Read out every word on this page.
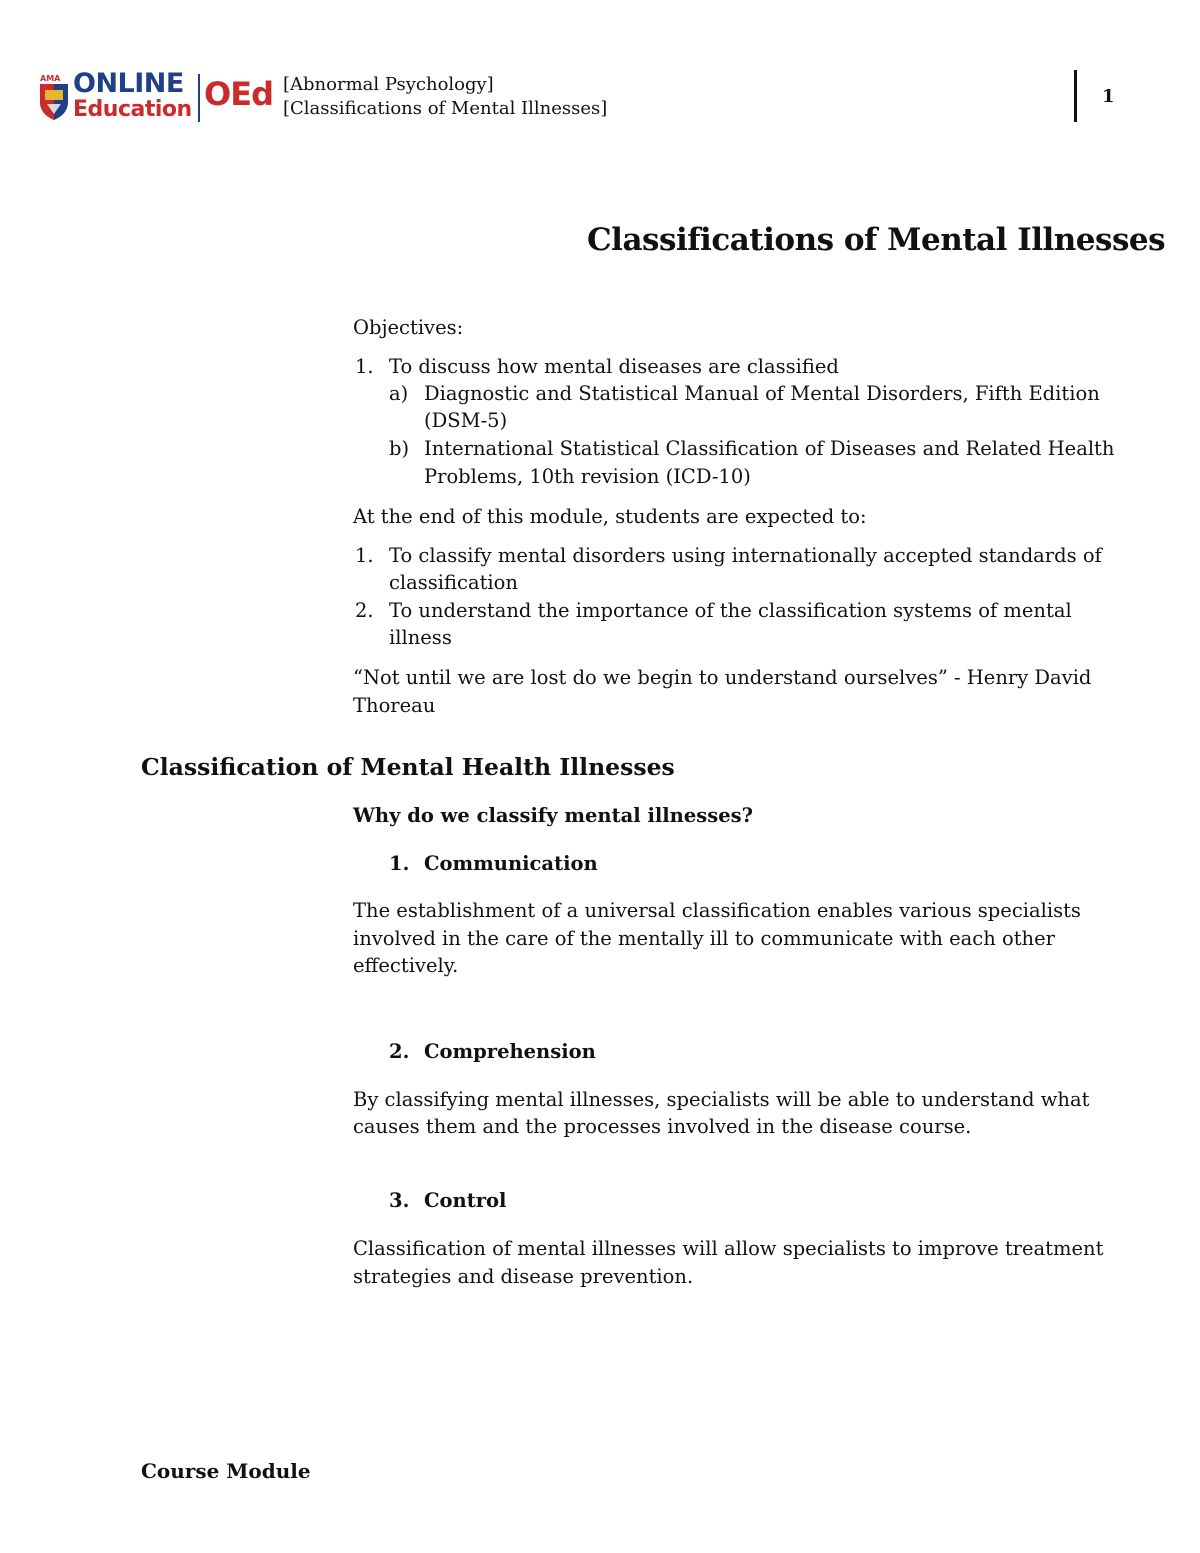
AMA ONLINE
Education OEd [Abnormal Psychology]
[Classifications of Mental Illnesses]
1
Classifications of Mental Illnesses
Objectives:
1. To discuss how mental diseases are classified
a) Diagnostic and Statistical Manual of Mental Disorders, Fifth Edition
(DSM-5)
b) International Statistical Classification of Diseases and Related Health
Problems, 10th revision (ICD-10)
At the end of this module, students are expected to:
1. To classify mental disorders using internationally accepted standards of
classification
2. To understand the importance of the classification systems of mental
illness
“Not until we are lost do we begin to understand ourselves” - Henry David
Thoreau
Classification of Mental Health Illnesses
Why do we classify mental illnesses?
1. Communication
The establishment of a universal classification enables various specialists
involved in the care of the mentally ill to communicate with each other
effectively.
2. Comprehension
By classifying mental illnesses, specialists will be able to understand what
causes them and the processes involved in the disease course.
3. Control
Classification of mental illnesses will allow specialists to improve treatment
strategies and disease prevention.
Course Module
